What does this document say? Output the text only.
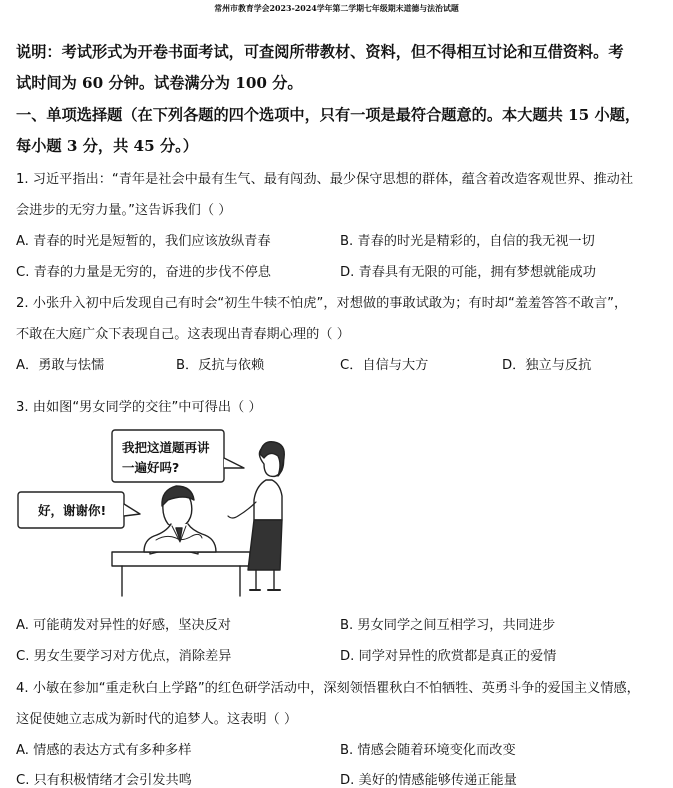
常州市教育学会2023-2024学年第二学期七年级期末道德与法治试题
说明：考试形式为开卷书面考试，可查阅所带教材、资料，但不得相互讨论和互借资料。考
试时间为 60 分钟。试卷满分为 100 分。
一、单项选择题（在下列各题的四个选项中，只有一项是最符合题意的。本大题共 15 小题，
每小题 3 分，共 45 分。）
1. 习近平指出：“青年是社会中最有生气、最有闯劲、最少保守思想的群体，蕴含着改造客观世界、推动社
会进步的无穷力量。”这告诉我们（ ）
A. 青春的时光是短暂的，我们应该放纵青春	B. 青春的时光是精彩的，自信的我无视一切
C. 青春的力量是无穷的，奋进的步伐不停息	D. 青春具有无限的可能，拥有梦想就能成功
2. 小张升入初中后发现自己有时会“初生牛犊不怕虎”，对想做的事敢试敢为；有时却“羞羞答答不敢言”，
不敢在大庭广众下表现自己。这表现出青春期心理的（ ）
A．勇敢与怯懦	B．反抗与依赖	C．自信与大方	D．独立与反抗
3. 由如图“男女同学的交往”中可得出（ ）
我把这道题再讲
一遍好吗?
好，谢谢你!
A. 可能萌发对异性的好感，坚决反对	B. 男女同学之间互相学习，共同进步
C. 男女生要学习对方优点，消除差异	D. 同学对异性的欣赏都是真正的爱情
4. 小敏在参加“重走秋白上学路”的红色研学活动中，深刻领悟瞿秋白不怕牺牲、英勇斗争的爱国主义情感，
这促使她立志成为新时代的追梦人。这表明（ ）
A. 情感的表达方式有多种多样	B. 情感会随着环境变化而改变
C. 只有积极情绪才会引发共鸣	D. 美好的情感能够传递正能量
